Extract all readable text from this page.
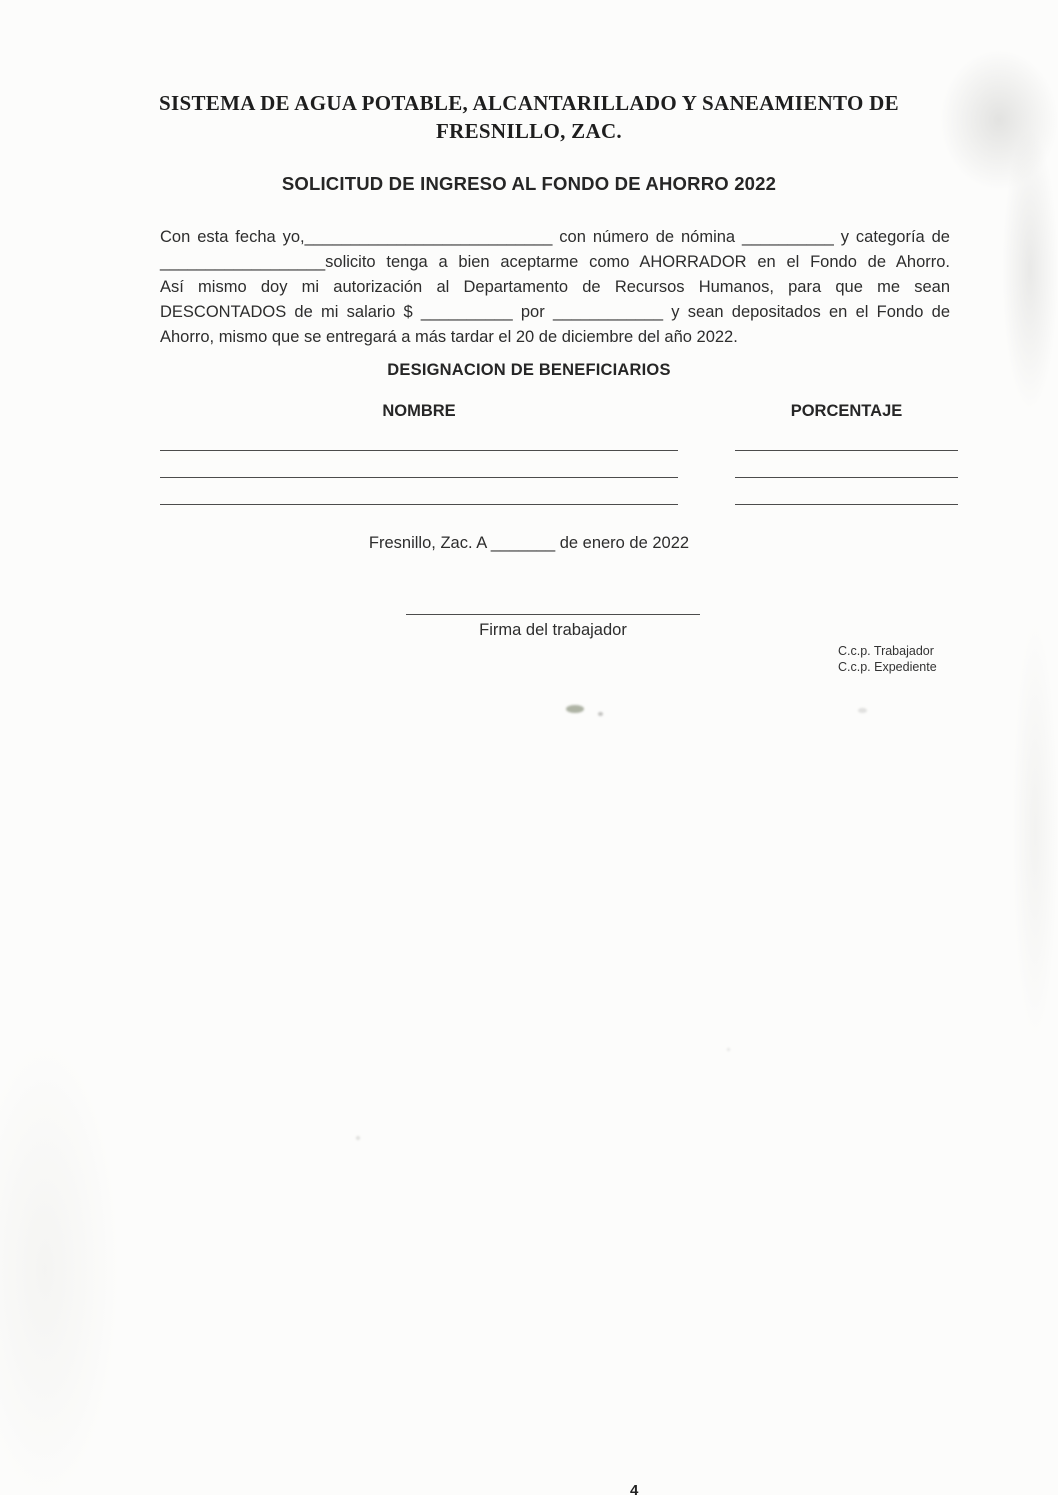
SISTEMA DE AGUA POTABLE, ALCANTARILLADO Y SANEAMIENTO DE
FRESNILLO, ZAC.
SOLICITUD DE INGRESO AL FONDO DE AHORRO 2022
Con esta fecha yo,___________________________ con número de nómina __________ y categoría de
__________________solicito tenga a bien aceptarme como AHORRADOR en el Fondo de Ahorro.
Así mismo doy mi autorización al Departamento de Recursos Humanos, para que me sean
DESCONTADOS de mi salario $ __________ por ____________ y sean depositados en el Fondo de
Ahorro, mismo que se entregará a más tardar el 20 de diciembre del año 2022.
DESIGNACION DE BENEFICIARIOS
NOMBRE	PORCENTAJE
Fresnillo, Zac. A _______ de enero de 2022
Firma del trabajador
C.c.p. Trabajador
C.c.p. Expediente
4
